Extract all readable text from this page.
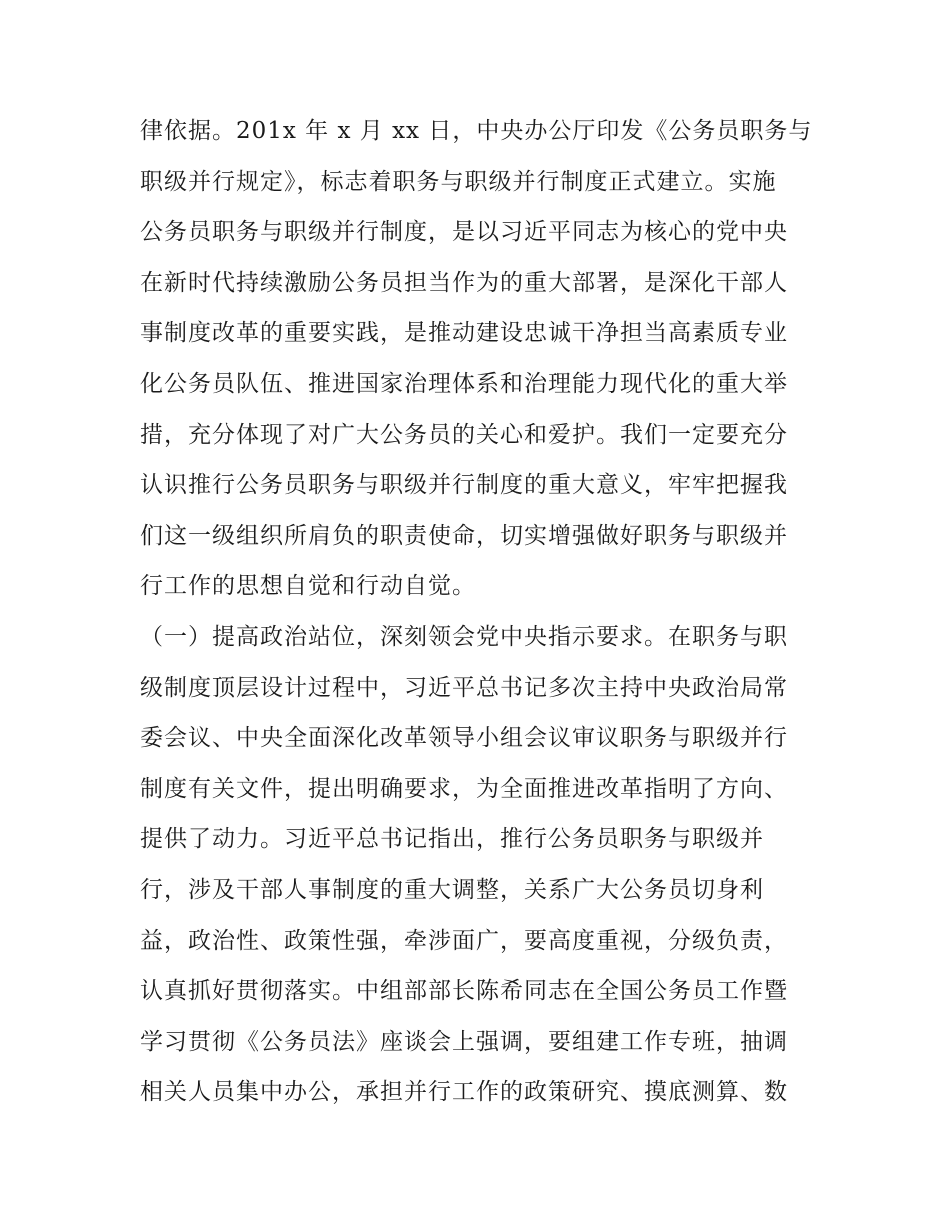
律依据。201x 年 x 月 xx 日，中央办公厅印发《公务员职务与
职级并行规定》，标志着职务与职级并行制度正式建立。实施
公务员职务与职级并行制度，是以习近平同志为核心的党中央
在新时代持续激励公务员担当作为的重大部署，是深化干部人
事制度改革的重要实践，是推动建设忠诚干净担当高素质专业
化公务员队伍、推进国家治理体系和治理能力现代化的重大举
措，充分体现了对广大公务员的关心和爱护。我们一定要充分
认识推行公务员职务与职级并行制度的重大意义，牢牢把握我
们这一级组织所肩负的职责使命，切实增强做好职务与职级并
行工作的思想自觉和行动自觉。
（一）提高政治站位，深刻领会党中央指示要求。在职务与职
级制度顶层设计过程中，习近平总书记多次主持中央政治局常
委会议、中央全面深化改革领导小组会议审议职务与职级并行
制度有关文件，提出明确要求，为全面推进改革指明了方向、
提供了动力。习近平总书记指出，推行公务员职务与职级并
行，涉及干部人事制度的重大调整，关系广大公务员切身利
益，政治性、政策性强，牵涉面广，要高度重视，分级负责，
认真抓好贯彻落实。中组部部长陈希同志在全国公务员工作暨
学习贯彻《公务员法》座谈会上强调，要组建工作专班，抽调
相关人员集中办公，承担并行工作的政策研究、摸底测算、数
